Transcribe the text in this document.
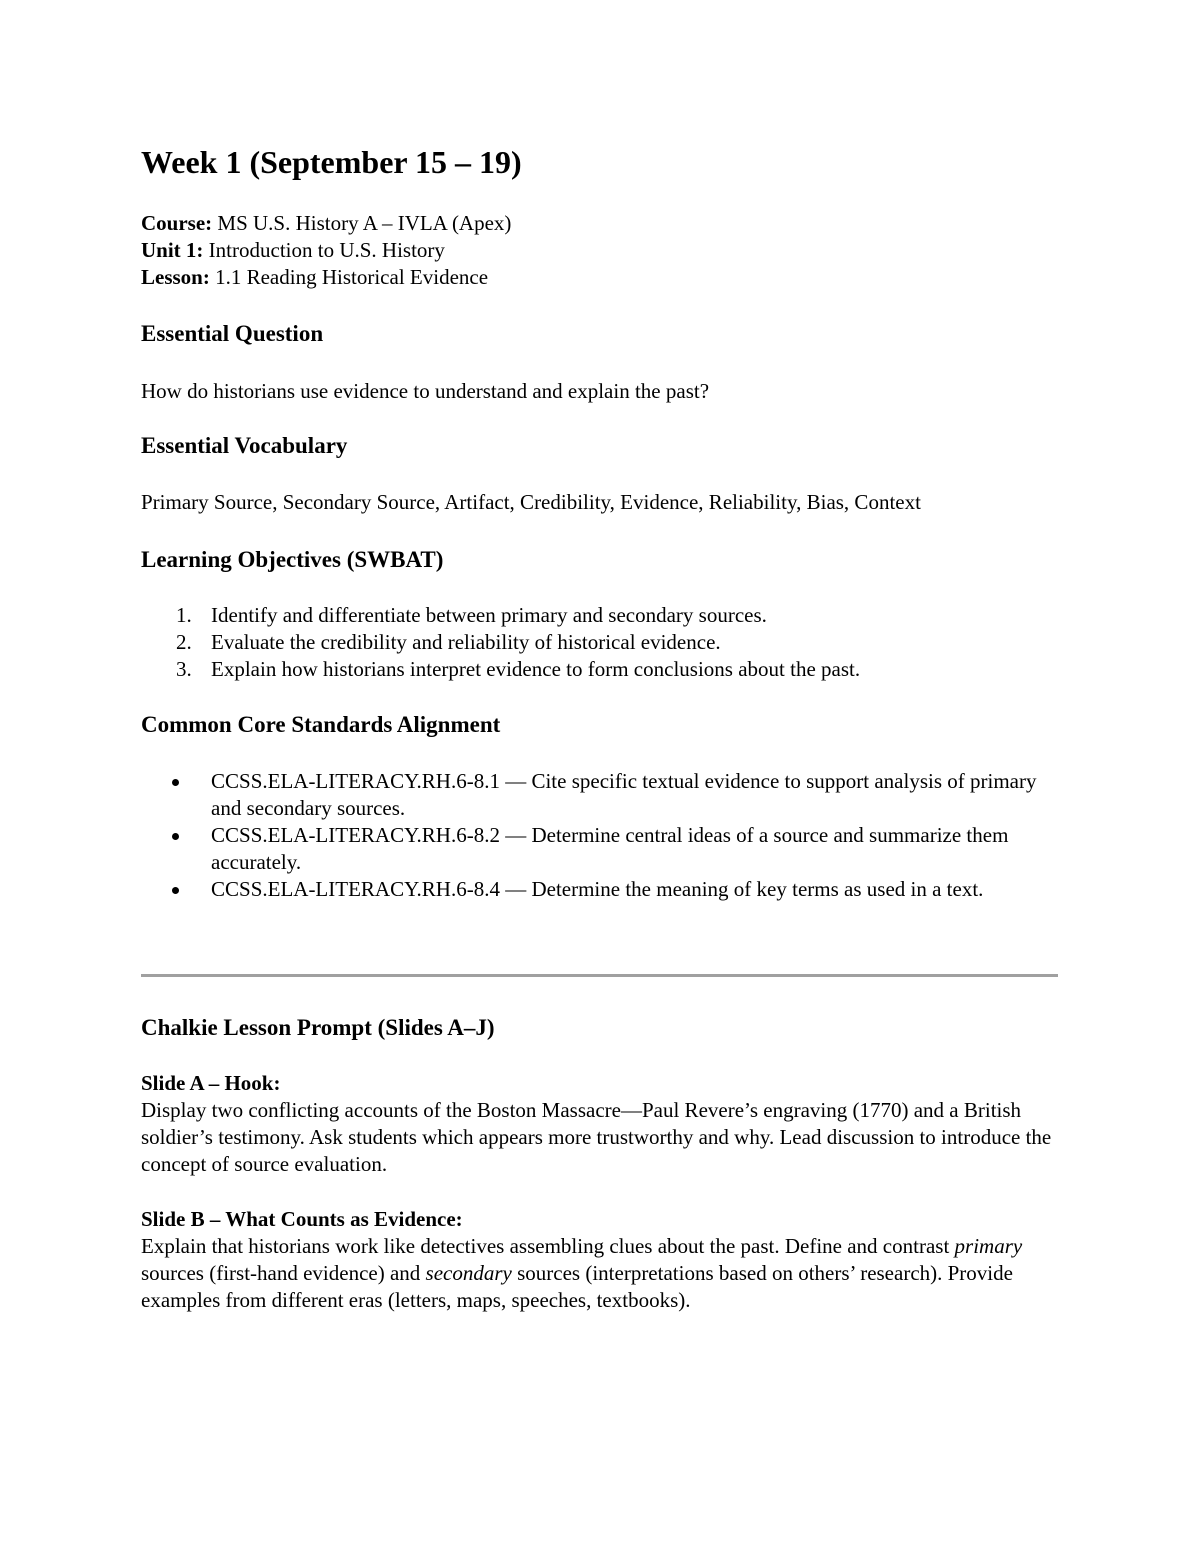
Week 1 (September 15 – 19)
Course: MS U.S. History A – IVLA (Apex)
Unit 1: Introduction to U.S. History
Lesson: 1.1 Reading Historical Evidence
Essential Question

How do historians use evidence to understand and explain the past?

Essential Vocabulary

Primary Source, Secondary Source, Artifact, Credibility, Evidence, Reliability, Bias, Context

Learning Objectives (SWBAT)
1. Identify and differentiate between primary and secondary sources.
2. Evaluate the credibility and reliability of historical evidence.
3. Explain how historians interpret evidence to form conclusions about the past.
Common Core Standards Alignment
CCSS.ELA-LITERACY.RH.6-8.1 — Cite specific textual evidence to support analysis of primary and secondary sources.
CCSS.ELA-LITERACY.RH.6-8.2 — Determine central ideas of a source and summarize them accurately.
CCSS.ELA-LITERACY.RH.6-8.4 — Determine the meaning of key terms as used in a text.
Chalkie Lesson Prompt (Slides A–J)
Slide A – Hook:
Display two conflicting accounts of the Boston Massacre—Paul Revere’s engraving (1770) and a British soldier’s testimony. Ask students which appears more trustworthy and why. Lead discussion to introduce the concept of source evaluation.
Slide B – What Counts as Evidence:
Explain that historians work like detectives assembling clues about the past. Define and contrast primary sources (first-hand evidence) and secondary sources (interpretations based on others’ research). Provide examples from different eras (letters, maps, speeches, textbooks).
